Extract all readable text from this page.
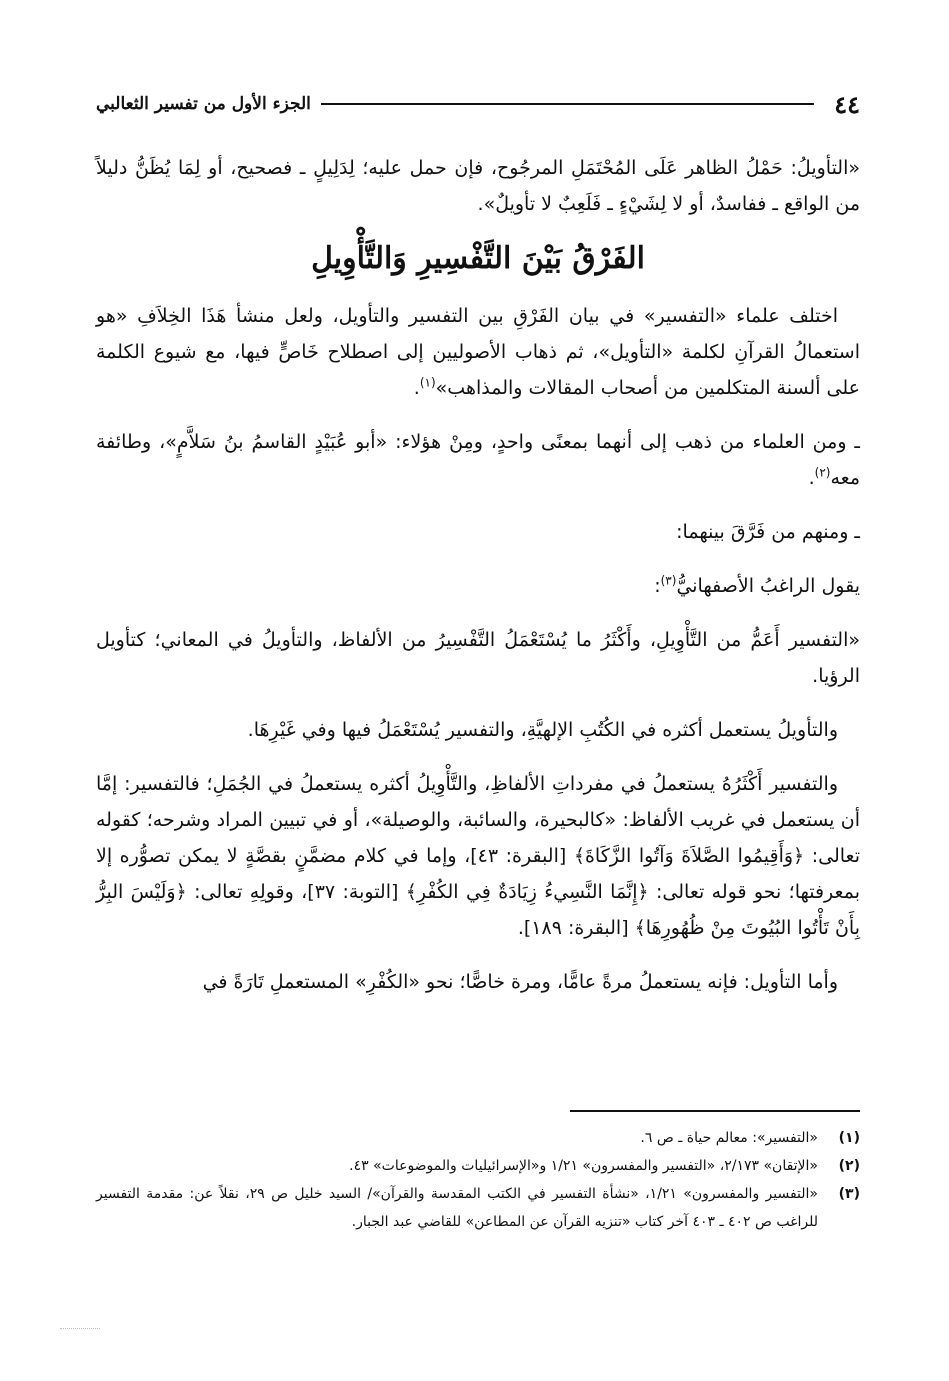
٤٤
الجزء الأول من تفسير الثعالبي

«التأويلُ: حَمْلُ الظاهر عَلَى المُحْتَمَلِ المرجُوح، فإن حمل عليه؛ لِدَلِيلٍ ـ فصحيح، أو لِمَا يُظَنُّ دليلاً من الواقع ـ ففاسدٌ، أو لا لِشَيْءٍ ـ فَلَعِبٌ لا تأويلٌ».

الفَرْقُ بَيْنَ التَّفْسِيرِ وَالتَّأْوِيلِ

اختلف علماء «التفسير» في بيان الفَرْقِ بين التفسير والتأويل، ولعل منشأ هَذَا الخِلاَفِ «هو استعمالُ القرآنِ لكلمة «التأويل»، ثم ذهاب الأصوليين إلى اصطلاح خَاصٍّ فيها، مع شيوع الكلمة على ألسنة المتكلمين من أصحاب المقالات والمذاهب»$^{(١)}$.

ـ ومن العلماء من ذهب إلى أنهما بمعنًى واحدٍ، ومِنْ هؤلاء: «أبو عُبَيْدٍ القاسمُ بنُ سَلاَّمٍ»، وطائفة معه$^{(٢)}$.

ـ ومنهم من فَرَّقَ بينهما:

يقول الراغبُ الأصفهانيُّ$^{(٣)}$:

«التفسير أَعَمُّ من التَّأْوِيلِ، وأَكْثَرُ ما يُسْتَعْمَلُ التَّفْسِيرُ من الألفاظ، والتأويلُ في المعاني؛ كتأويل الرؤيا.

والتأويلُ يستعمل أكثره في الكُتُبِ الإلهيَّةِ، والتفسير يُسْتَعْمَلُ فيها وفي غَيْرِهَا.

والتفسير أَكْثَرُهُ يستعملُ في مفرداتِ الألفاظِ، والتَّأْوِيلُ أكثره يستعملُ في الجُمَلِ؛ فالتفسير: إمَّا أن يستعمل في غريب الألفاظ: «كالبحيرة، والسائبة، والوصيلة»، أو في تبيين المراد وشرحه؛ كقوله تعالى: ﴿وَأَقِيمُوا الصَّلاَةَ وَآتُوا الزَّكَاةَ﴾ [البقرة: ٤٣]، وإما في كلام مضمَّنٍ بقصَّةٍ لا يمكن تصوُّره إلا بمعرفتها؛ نحو قوله تعالى: ﴿إِنَّمَا النَّسِيءُ زِيَادَةٌ فِي الكُفْرِ﴾ [التوبة: ٣٧]، وقولِهِ تعالى: ﴿وَلَيْسَ البِرُّ بِأَنْ تَأْتُوا البُيُوتَ مِنْ ظُهُورِهَا﴾ [البقرة: ١٨٩].

وأما التأويل: فإنه يستعملُ مرةً عامًّا، ومرة خاصًّا؛ نحو «الكُفْرِ» المستعملِ تَارَةً في

(١)
«التفسير»: معالم حياة ـ ص ٦.
(٢)
«الإتقان» ٢/١٧٣، «التفسير والمفسرون» ١/٢١ و«الإسرائيليات والموضوعات» ٤٣.
(٣)
«التفسير والمفسرون» ١/٢١، «نشأة التفسير في الكتب المقدسة والقرآن»/ السيد خليل ص ٢٩، نقلاً عن: مقدمة التفسير للراغب ص ٤٠٢ ـ ٤٠٣ آخر كتاب «تنزيه القرآن عن المطاعن» للقاضي عبد الجبار.
